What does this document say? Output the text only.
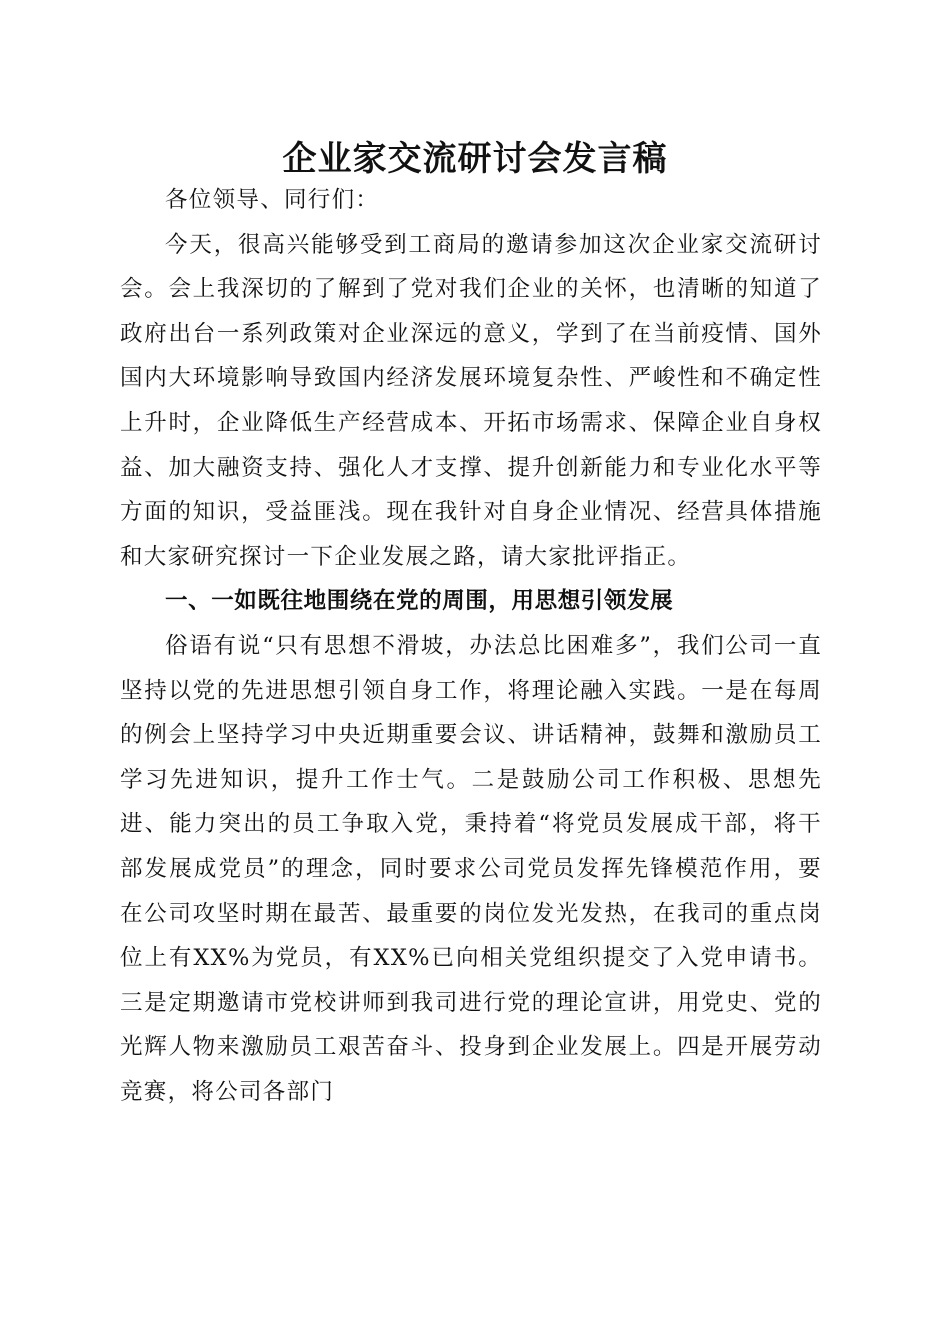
企业家交流研讨会发言稿

各位领导、同行们：

今天，很高兴能够受到工商局的邀请参加这次企业家交流研讨会。会上我深切的了解到了党对我们企业的关怀，也清晰的知道了政府出台一系列政策对企业深远的意义，学到了在当前疫情、国外国内大环境影响导致国内经济发展环境复杂性、严峻性和不确定性上升时，企业降低生产经营成本、开拓市场需求、保障企业自身权益、加大融资支持、强化人才支撑、提升创新能力和专业化水平等方面的知识，受益匪浅。现在我针对自身企业情况、经营具体措施和大家研究探讨一下企业发展之路，请大家批评指正。

一、一如既往地围绕在党的周围，用思想引领发展

俗语有说“只有思想不滑坡，办法总比困难多”，我们公司一直坚持以党的先进思想引领自身工作，将理论融入实践。一是在每周的例会上坚持学习中央近期重要会议、讲话精神，鼓舞和激励员工学习先进知识，提升工作士气。二是鼓励公司工作积极、思想先进、能力突出的员工争取入党，秉持着“将党员发展成干部，将干部发展成党员”的理念，同时要求公司党员发挥先锋模范作用，要在公司攻坚时期在最苦、最重要的岗位发光发热，在我司的重点岗位上有XX%为党员，有XX%已向相关党组织提交了入党申请书。三是定期邀请市党校讲师到我司进行党的理论宣讲，用党史、党的光辉人物来激励员工艰苦奋斗、投身到企业发展上。四是开展劳动竞赛，将公司各部门
